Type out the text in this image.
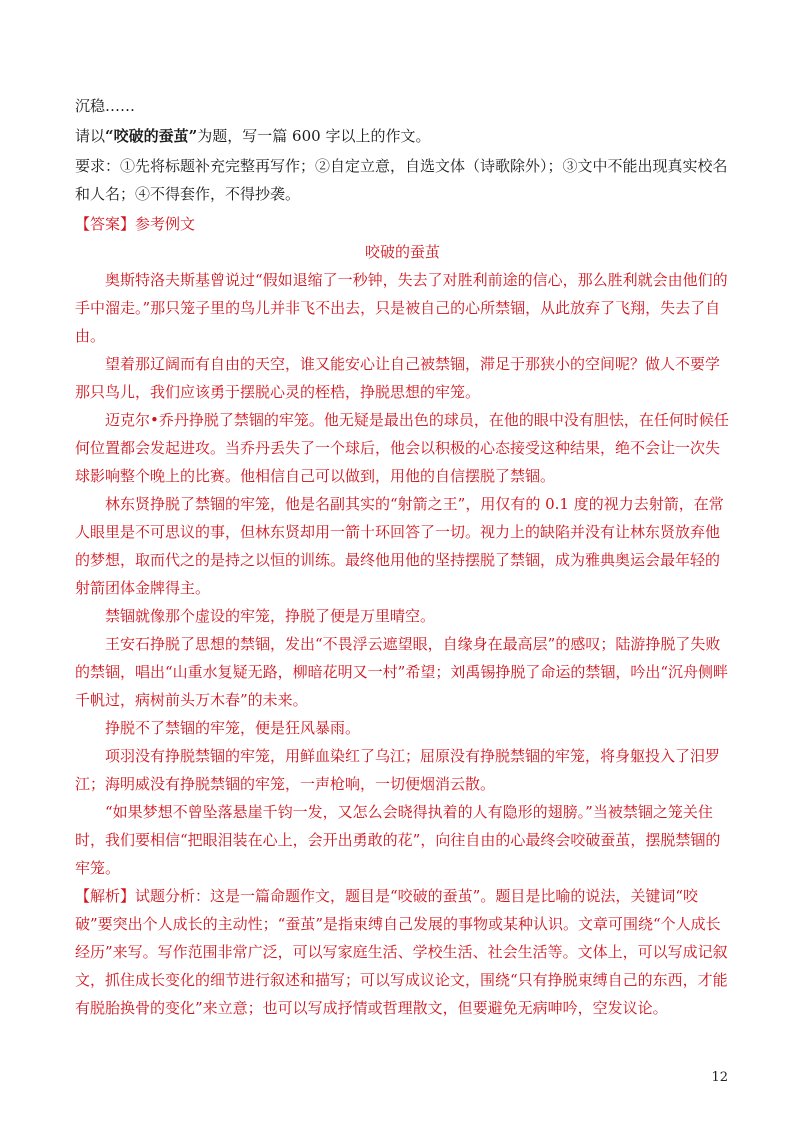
沉稳……

请以“咬破的蚕茧”为题，写一篇 600 字以上的作文。

要求：①先将标题补充完整再写作；②自定立意，自选文体（诗歌除外）；③文中不能出现真实校名和人名；④不得套作，不得抄袭。

【答案】参考例文

咬破的蚕茧

奥斯特洛夫斯基曾说过“假如退缩了一秒钟，失去了对胜利前途的信心，那么胜利就会由他们的手中溜走。”那只笼子里的鸟儿并非飞不出去，只是被自己的心所禁锢，从此放弃了飞翔，失去了自由。

望着那辽阔而有自由的天空，谁又能安心让自己被禁锢，滞足于那狭小的空间呢？做人不要学那只鸟儿，我们应该勇于摆脱心灵的桎梏，挣脱思想的牢笼。

迈克尔•乔丹挣脱了禁锢的牢笼。他无疑是最出色的球员，在他的眼中没有胆怯，在任何时候任何位置都会发起进攻。当乔丹丢失了一个球后，他会以积极的心态接受这种结果，绝不会让一次失球影响整个晚上的比赛。他相信自己可以做到，用他的自信摆脱了禁锢。

林东贤挣脱了禁锢的牢笼，他是名副其实的“射箭之王”，用仅有的 0.1 度的视力去射箭，在常人眼里是不可思议的事，但林东贤却用一箭十环回答了一切。视力上的缺陷并没有让林东贤放弃他的梦想，取而代之的是持之以恒的训练。最终他用他的坚持摆脱了禁锢，成为雅典奥运会最年轻的射箭团体金牌得主。

禁锢就像那个虚设的牢笼，挣脱了便是万里晴空。

王安石挣脱了思想的禁锢，发出“不畏浮云遮望眼，自缘身在最高层”的感叹；陆游挣脱了失败的禁锢，唱出“山重水复疑无路，柳暗花明又一村”希望；刘禹锡挣脱了命运的禁锢，吟出“沉舟侧畔千帆过，病树前头万木春”的未来。

挣脱不了禁锢的牢笼，便是狂风暴雨。

项羽没有挣脱禁锢的牢笼，用鲜血染红了乌江；屈原没有挣脱禁锢的牢笼，将身躯投入了汨罗江；海明威没有挣脱禁锢的牢笼，一声枪响，一切便烟消云散。

“如果梦想不曾坠落悬崖千钧一发，又怎么会晓得执着的人有隐形的翅膀。”当被禁锢之笼关住时，我们要相信“把眼泪装在心上，会开出勇敢的花”，向往自由的心最终会咬破蚕茧，摆脱禁锢的牢笼。

【解析】试题分析：这是一篇命题作文，题目是“咬破的蚕茧”。题目是比喻的说法，关键词“咬破”要突出个人成长的主动性；“蚕茧”是指束缚自己发展的事物或某种认识。文章可围绕“个人成长经历”来写。写作范围非常广泛，可以写家庭生活、学校生活、社会生活等。文体上，可以写成记叙文，抓住成长变化的细节进行叙述和描写；可以写成议论文，围绕“只有挣脱束缚自己的东西，才能有脱胎换骨的变化”来立意；也可以写成抒情或哲理散文，但要避免无病呻吟，空发议论。

12
